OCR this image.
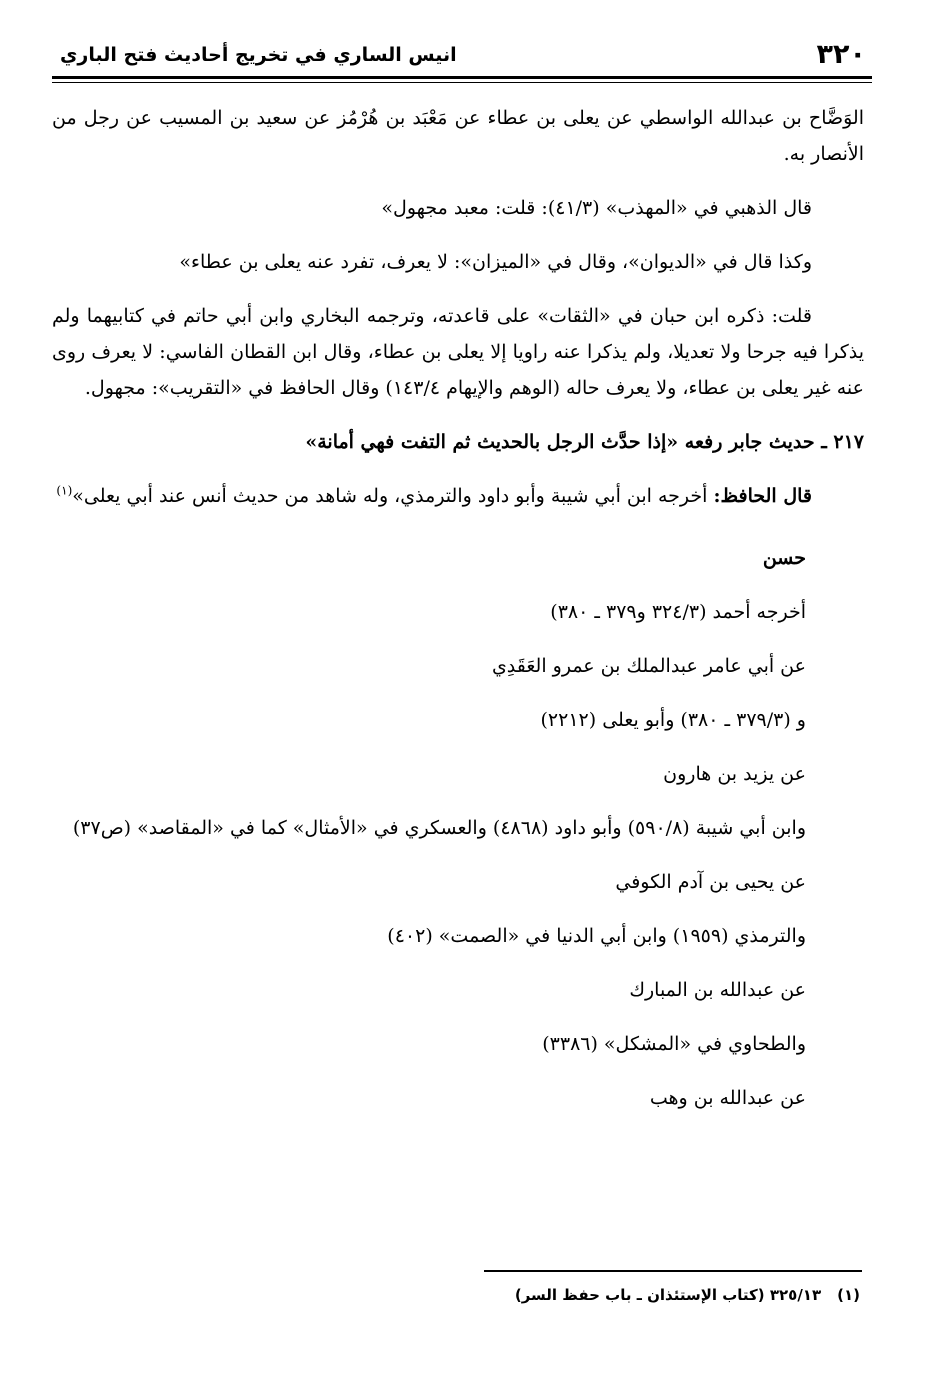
٣٢٠
انيس الساري في تخريج أحاديث فتح الباري

الوَضَّاح بن عبدالله الواسطي عن يعلى بن عطاء عن مَعْبَد بن هُرْمُز عن سعيد بن المسيب عن رجل من الأنصار به.

قال الذهبي في «المهذب» (٤١/٣): قلت: معبد مجهول»

وكذا قال في «الديوان»، وقال في «الميزان»: لا يعرف، تفرد عنه يعلى بن عطاء»

قلت: ذكره ابن حبان في «الثقات» على قاعدته، وترجمه البخاري وابن أبي حاتم في كتابيهما ولم يذكرا فيه جرحا ولا تعديلا، ولم يذكرا عنه راويا إلا يعلى بن عطاء، وقال ابن القطان الفاسي: لا يعرف روى عنه غير يعلى بن عطاء، ولا يعرف حاله (الوهم والإيهام ١٤٣/٤) وقال الحافظ في «التقريب»: مجهول.

٢١٧ ـ حديث جابر رفعه «إذا حدَّث الرجل بالحديث ثم التفت فهي أمانة»

قال الحافظ: أخرجه ابن أبي شيبة وأبو داود والترمذي، وله شاهد من حديث أنس عند أبي يعلى»$^{(١)}$

حسن

أخرجه أحمد (٣٢٤/٣ و٣٧٩ ـ ٣٨٠)

عن أبي عامر عبدالملك بن عمرو العَقَدِي

و (٣٧٩/٣ ـ ٣٨٠) وأبو يعلى (٢٢١٢)

عن يزيد بن هارون

وابن أبي شيبة (٥٩٠/٨) وأبو داود (٤٨٦٨) والعسكري في «الأمثال» كما في «المقاصد» (ص٣٧)

عن يحيى بن آدم الكوفي

والترمذي (١٩٥٩) وابن أبي الدنيا في «الصمت» (٤٠٢)

عن عبدالله بن المبارك

والطحاوي في «المشكل» (٣٣٨٦)

عن عبدالله بن وهب

(١)٣٢٥/١٣ (كتاب الإستئذان ـ باب حفظ السر)
